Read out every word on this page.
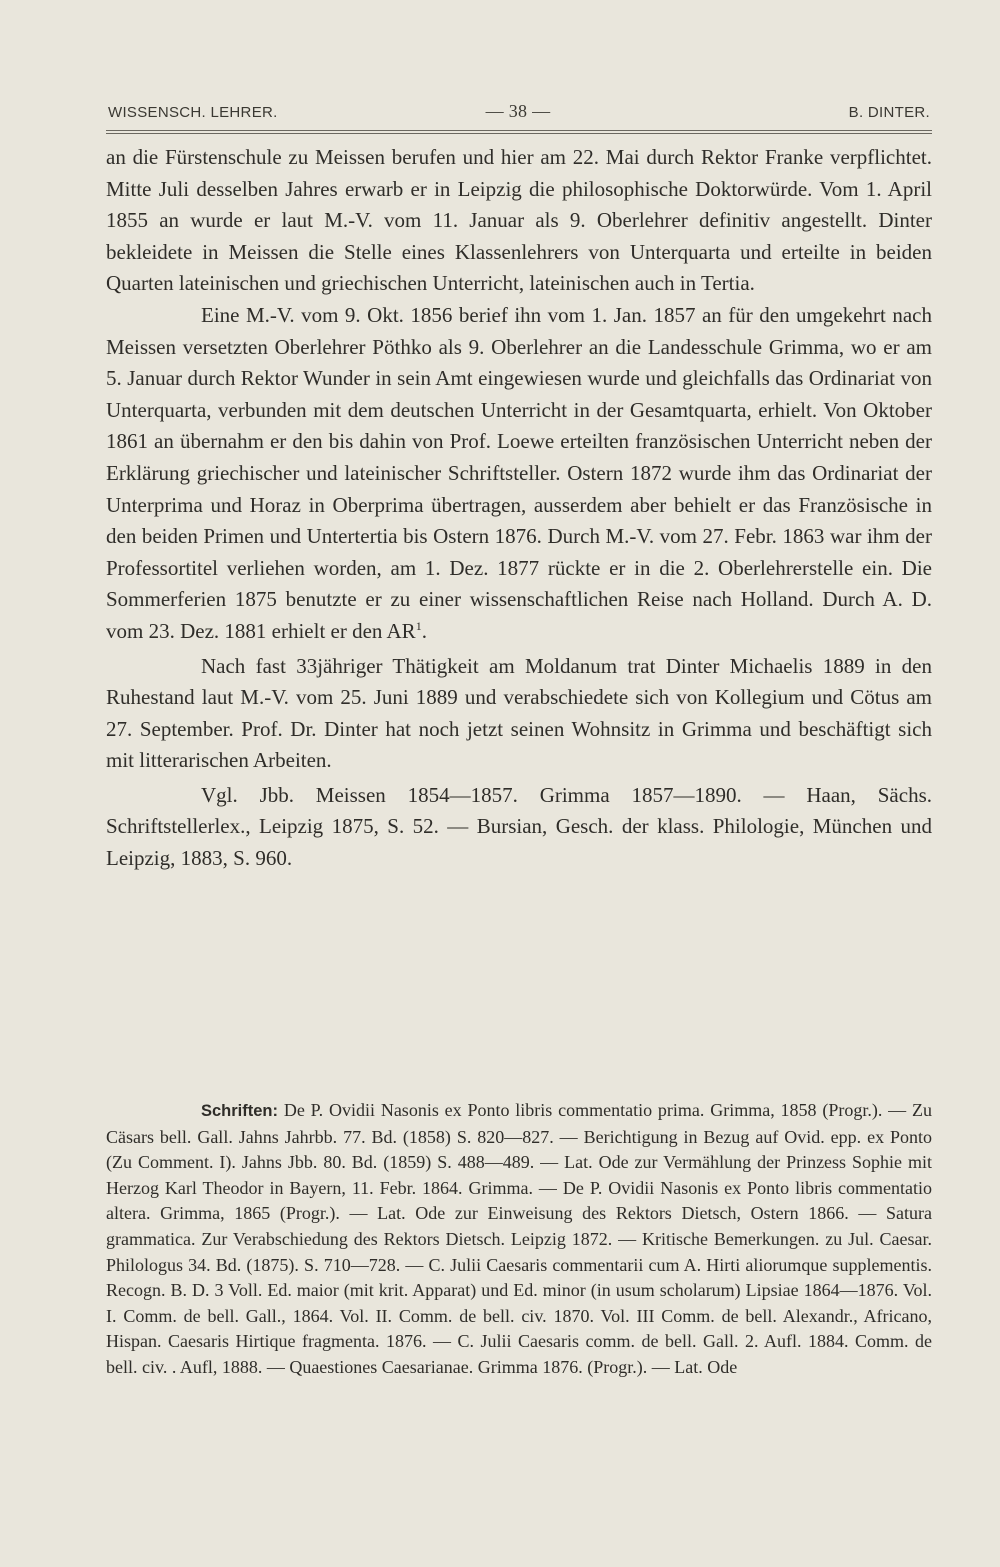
WISSENSCH. LEHRER.	— 38 —	B. DINTER.

an die Fürstenschule zu Meissen berufen und hier am 22. Mai durch Rektor Franke verpflichtet. Mitte Juli desselben Jahres erwarb er in Leipzig die philosophische Doktorwürde. Vom 1. April 1855 an wurde er laut M.-V. vom 11. Januar als 9. Oberlehrer definitiv angestellt. Dinter bekleidete in Meissen die Stelle eines Klassenlehrers von Unterquarta und erteilte in beiden Quarten lateinischen und griechischen Unterricht, lateinischen auch in Tertia.

Eine M.-V. vom 9. Okt. 1856 berief ihn vom 1. Jan. 1857 an für den umgekehrt nach Meissen versetzten Oberlehrer Pöthko als 9. Oberlehrer an die Landesschule Grimma, wo er am 5. Januar durch Rektor Wunder in sein Amt eingewiesen wurde und gleichfalls das Ordinariat von Unterquarta, verbunden mit dem deutschen Unterricht in der Gesamtquarta, erhielt. Von Oktober 1861 an übernahm er den bis dahin von Prof. Loewe erteilten französischen Unterricht neben der Erklärung griechischer und lateinischer Schriftsteller. Ostern 1872 wurde ihm das Ordinariat der Unterprima und Horaz in Oberprima übertragen, ausserdem aber behielt er das Französische in den beiden Primen und Untertertia bis Ostern 1876. Durch M.-V. vom 27. Febr. 1863 war ihm der Professortitel verliehen worden, am 1. Dez. 1877 rückte er in die 2. Oberlehrerstelle ein. Die Sommerferien 1875 benutzte er zu einer wissenschaftlichen Reise nach Holland. Durch A. D. vom 23. Dez. 1881 erhielt er den $AR^1$.

Nach fast 33jähriger Thätigkeit am Moldanum trat Dinter Michaelis 1889 in den Ruhestand laut M.-V. vom 25. Juni 1889 und verabschiedete sich von Kollegium und Cötus am 27. September. Prof. Dr. Dinter hat noch jetzt seinen Wohnsitz in Grimma und beschäftigt sich mit litterarischen Arbeiten.

Vgl. Jbb. Meissen 1854—1857. Grimma 1857—1890. — Haan, Sächs. Schriftstellerlex., Leipzig 1875, S. 52. — Bursian, Gesch. der klass. Philologie, München und Leipzig, 1883, S. 960.

Schriften: De P. Ovidii Nasonis ex Ponto libris commentatio prima. Grimma, 1858 (Progr.). — Zu Cäsars bell. Gall. Jahns Jahrbb. 77. Bd. (1858) S. 820—827. — Berichtigung in Bezug auf Ovid. epp. ex Ponto (Zu Comment. I). Jahns Jbb. 80. Bd. (1859) S. 488—489. — Lat. Ode zur Vermählung der Prinzess Sophie mit Herzog Karl Theodor in Bayern, 11. Febr. 1864. Grimma. — De P. Ovidii Nasonis ex Ponto libris commentatio altera. Grimma, 1865 (Progr.). — Lat. Ode zur Einweisung des Rektors Dietsch, Ostern 1866. — Satura grammatica. Zur Verabschiedung des Rektors Dietsch. Leipzig 1872. — Kritische Bemerkungen. zu Jul. Caesar. Philologus 34. Bd. (1875). S. 710—728. — C. Julii Caesaris commentarii cum A. Hirti aliorumque supplementis. Recogn. B. D. 3 Voll. Ed. maior (mit krit. Apparat) und Ed. minor (in usum scholarum) Lipsiae 1864—1876. Vol. I. Comm. de bell. Gall., 1864. Vol. II. Comm. de bell. civ. 1870. Vol. III Comm. de bell. Alexandr., Africano, Hispan. Caesaris Hirtique fragmenta. 1876. — C. Julii Caesaris comm. de bell. Gall. 2. Aufl. 1884. Comm. de bell. civ. . Aufl, 1888. — Quaestiones Caesarianae. Grimma 1876. (Progr.). — Lat. Ode
